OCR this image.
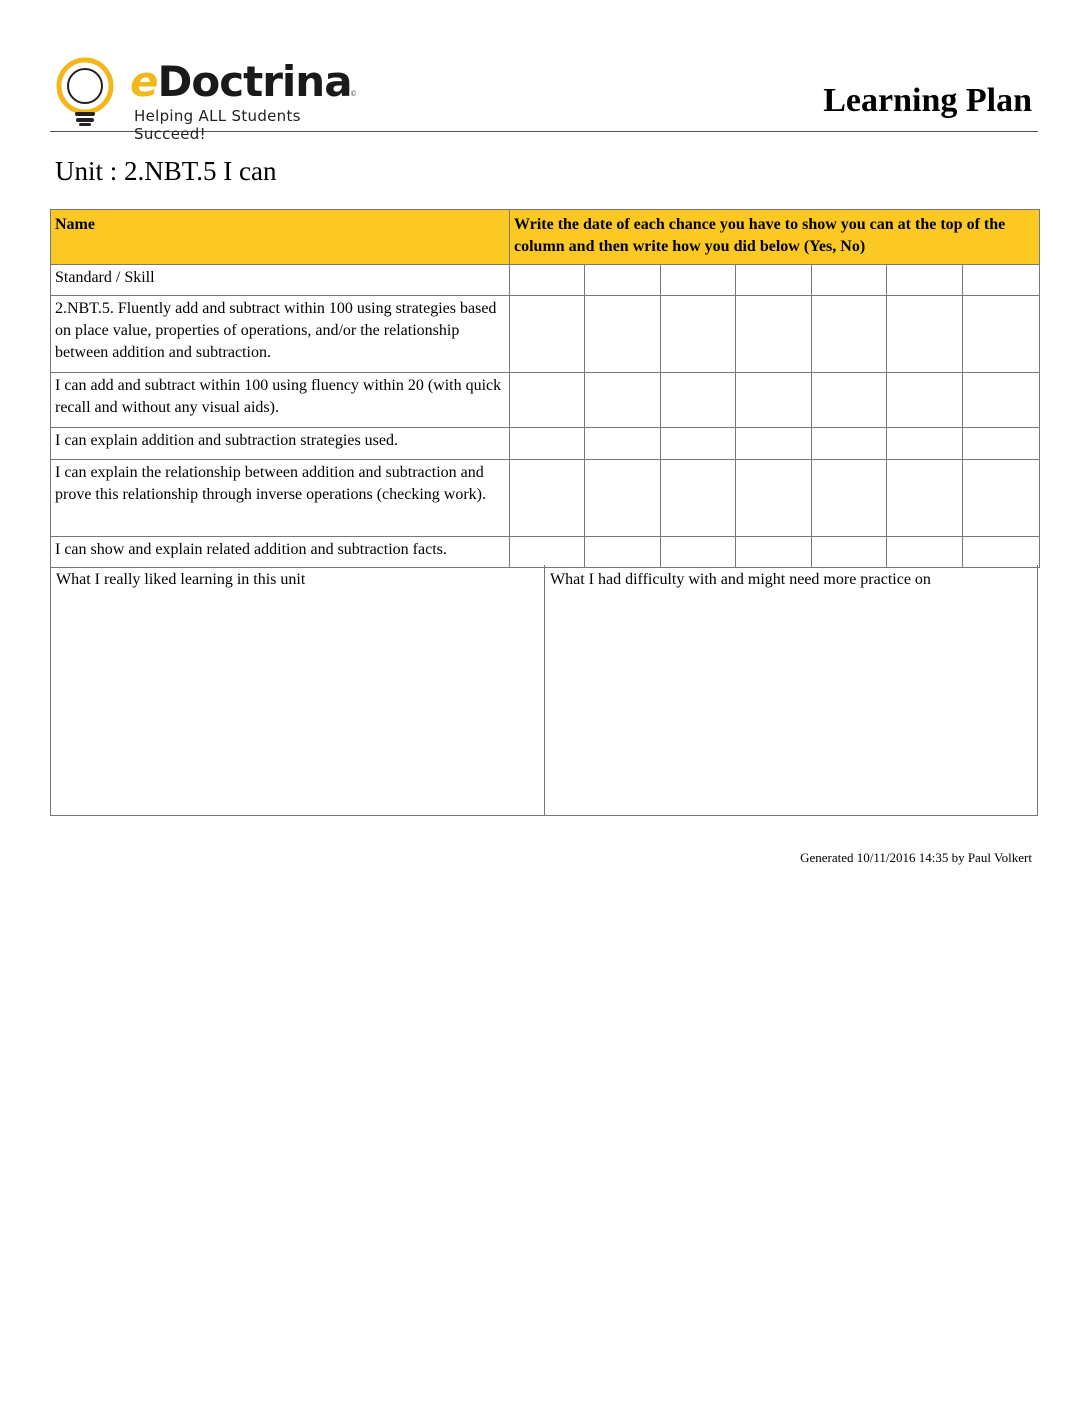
eDoctrina
©
Helping ALL Students Succeed!
Learning Plan
Unit : 2.NBT.5 I can
Name	Write the date of each chance you have to show you can at the top of the column and then write how you did below (Yes, No)						
Standard / Skill							
2.NBT.5. Fluently add and subtract within 100 using strategies based on place value, properties of operations, and/or the relationship between addition and subtraction.							
I can add and subtract within 100 using fluency within 20 (with quick recall and without any visual aids).							
I can explain addition and subtraction strategies used.							
I can explain the relationship between addition and subtraction and prove this relationship through inverse operations (checking work).							
I can show and explain related addition and subtraction facts.							
What I really liked learning in this unit	What I had difficulty with and might need more practice on
Generated 10/11/2016 14:35 by Paul Volkert
